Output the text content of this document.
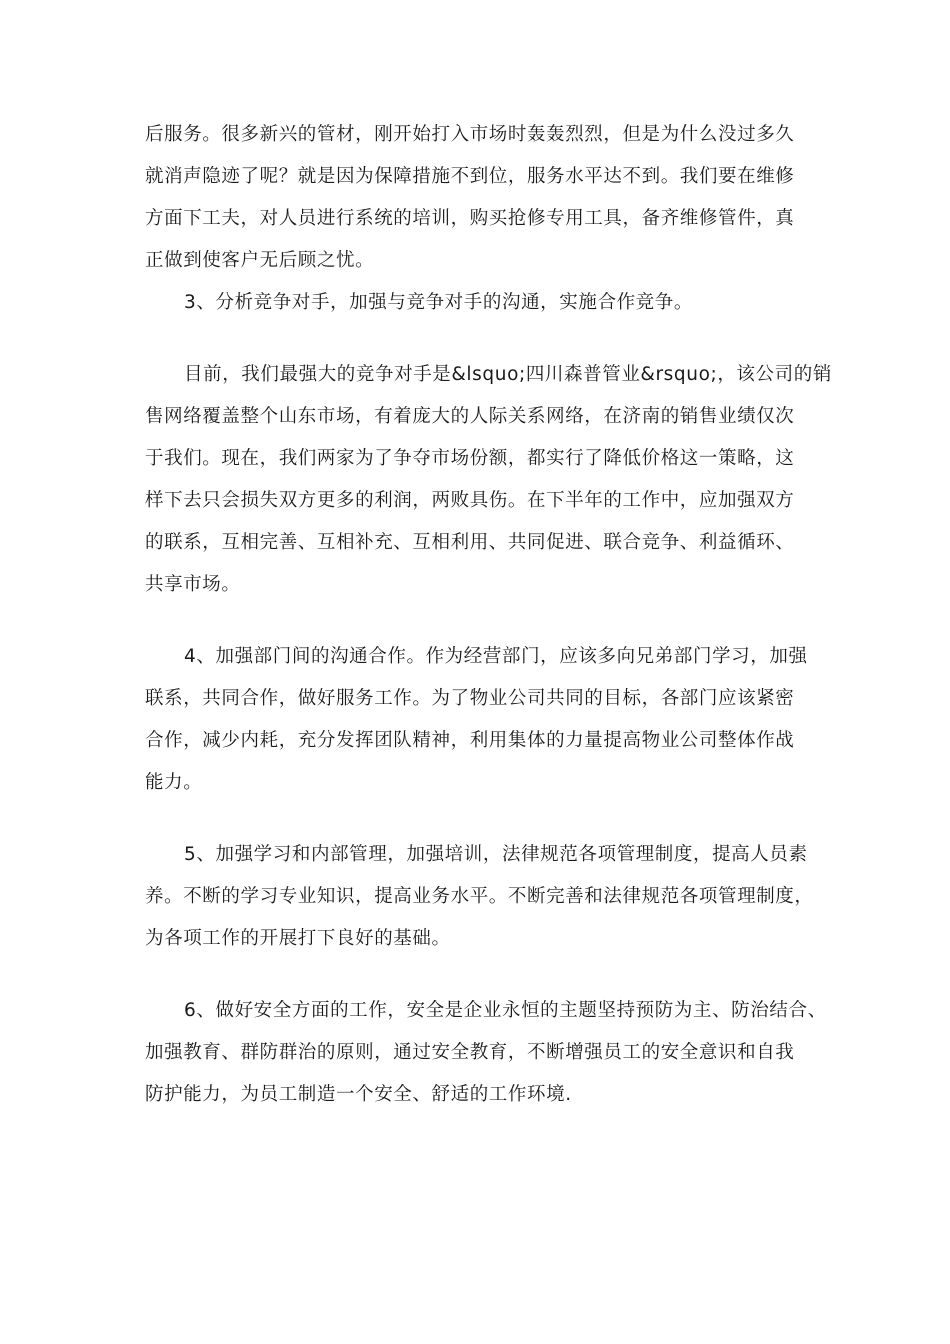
后服务。很多新兴的管材，刚开始打入市场时轰轰烈烈，但是为什么没过多久
就消声隐迹了呢？就是因为保障措施不到位，服务水平达不到。我们要在维修
方面下工夫，对人员进行系统的培训，购买抢修专用工具，备齐维修管件，真
正做到使客户无后顾之忧。
3、分析竞争对手，加强与竞争对手的沟通，实施合作竞争。
目前，我们最强大的竞争对手是&lsquo;四川森普管业&rsquo;，该公司的销
售网络覆盖整个山东市场，有着庞大的人际关系网络，在济南的销售业绩仅次
于我们。现在，我们两家为了争夺市场份额，都实行了降低价格这一策略，这
样下去只会损失双方更多的利润，两败具伤。在下半年的工作中，应加强双方
的联系，互相完善、互相补充、互相利用、共同促进、联合竞争、利益循环、
共享市场。
4、加强部门间的沟通合作。作为经营部门，应该多向兄弟部门学习，加强
联系，共同合作，做好服务工作。为了物业公司共同的目标，各部门应该紧密
合作，减少内耗，充分发挥团队精神，利用集体的力量提高物业公司整体作战
能力。
5、加强学习和内部管理，加强培训，法律规范各项管理制度，提高人员素
养。不断的学习专业知识，提高业务水平。不断完善和法律规范各项管理制度，
为各项工作的开展打下良好的基础。
6、做好安全方面的工作，安全是企业永恒的主题坚持预防为主、防治结合、
加强教育、群防群治的原则，通过安全教育，不断增强员工的安全意识和自我
防护能力，为员工制造一个安全、舒适的工作环境.
